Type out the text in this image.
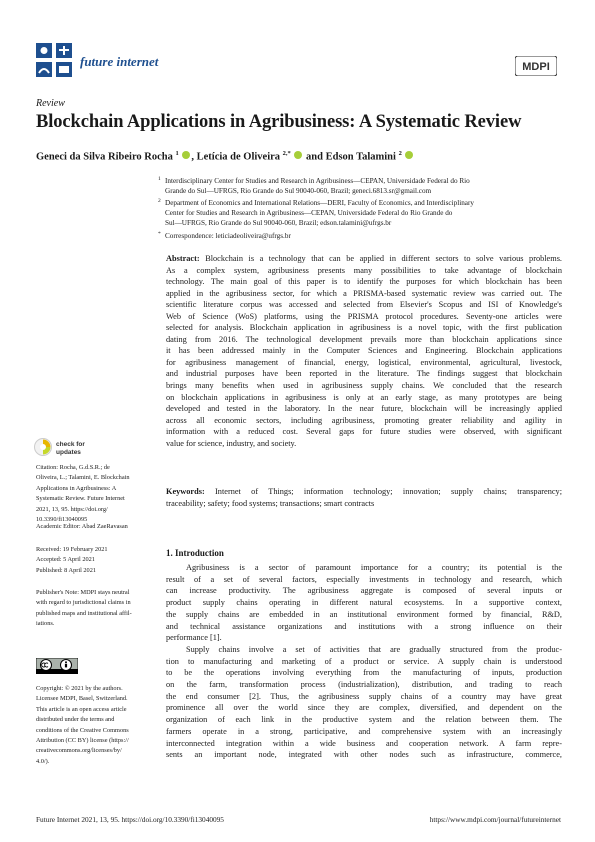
future internet	MDPI
Review
Blockchain Applications in Agribusiness: A Systematic Review
Geneci da Silva Ribeiro Rocha $^1$ , Letícia de Oliveira $^{2,*}$  and Edson Talamini $^2$
1 Interdisciplinary Center for Studies and Research in Agribusiness—CEPAN, Universidade Federal do Rio
Grande do Sul—UFRGS, Rio Grande do Sul 90040-060, Brazil; geneci.6813.sr@gmail.com
2 Department of Economics and International Relations—DERI, Faculty of Economics, and Interdisciplinary
Center for Studies and Research in Agribusiness—CEPAN, Universidade Federal do Rio Grande do
Sul—UFRGS, Rio Grande do Sul 90040-060, Brazil; edson.talamini@ufrgs.br
* Correspondence: leticiadeoliveira@ufrgs.br
Abstract: Blockchain is a technology that can be applied in different sectors to solve various problems.
As a complex system, agribusiness presents many possibilities to take advantage of blockchain
technology. The main goal of this paper is to identify the purposes for which blockchain has been
applied in the agribusiness sector, for which a PRISMA-based systematic review was carried out. The
scientific literature corpus was accessed and selected from Elsevier's Scopus and ISI of Knowledge's
Web of Science (WoS) platforms, using the PRISMA protocol procedures. Seventy-one articles were
selected for analysis. Blockchain application in agribusiness is a novel topic, with the first publication
dating from 2016. The technological development prevails more than blockchain applications since
it has been addressed mainly in the Computer Sciences and Engineering. Blockchain applications
for agribusiness management of financial, energy, logistical, environmental, agricultural, livestock,
and industrial purposes have been reported in the literature. The findings suggest that blockchain
brings many benefits when used in agribusiness supply chains. We concluded that the research
on blockchain applications in agribusiness is only at an early stage, as many prototypes are being
developed and tested in the laboratory. In the near future, blockchain will be increasingly applied
across all economic sectors, including agribusiness, promoting greater reliability and agility in
information with a reduced cost. Several gaps for future studies were observed, with significant
value for science, industry, and society.
Keywords: Internet of Things; information technology; innovation; supply chains; transparency;
traceability; safety; food systems; transactions; smart contracts
check for
updates
Citation: Rocha, G.d.S.R.; de
Oliveira, L.; Talamini, E. Blockchain
Applications in Agribusiness: A
Systematic Review. Future Internet
2021, 13, 95. https://doi.org/
10.3390/fi13040095
Academic Editor: Abad ZaeRavasan
Received: 19 February 2021
Accepted: 5 April 2021
Published: 8 April 2021
Publisher's Note: MDPI stays neutral
with regard to jurisdictional claims in
published maps and institutional affil-
iations.
Copyright: © 2021 by the authors.
Licensee MDPI, Basel, Switzerland.
This article is an open access article
distributed under the terms and
conditions of the Creative Commons
Attribution (CC BY) license (https://
creativecommons.org/licenses/by/
4.0/).
1. Introduction
Agribusiness is a sector of paramount importance for a country; its potential is the
result of a set of several factors, especially investments in technology and research, which
can increase productivity. The agribusiness aggregate is composed of several inputs or
product supply chains operating in different natural ecosystems. In a supportive context,
the supply chains are embedded in an institutional environment formed by financial, R&D,
and technical assistance organizations and institutions with a strong influence on their
performance [1].
Supply chains involve a set of activities that are gradually structured from the produc-
tion to manufacturing and marketing of a product or service. A supply chain is understood
to be the operations involving everything from the manufacturing of inputs, production
on the farm, transformation process (industrialization), distribution, and trading to reach
the end consumer [2]. Thus, the agribusiness supply chains of a country may have great
prominence all over the world since they are complex, diversified, and dependent on the
organization of each link in the productive system and the relation between them. The
farmers operate in a strong, participative, and comprehensive system with an increasingly
interconnected integration within a wide business and cooperation network. A farm repre-
sents an important node, integrated with other nodes such as infrastructure, commerce,
Future Internet 2021, 13, 95. https://doi.org/10.3390/fi13040095	https://www.mdpi.com/journal/futureinternet
